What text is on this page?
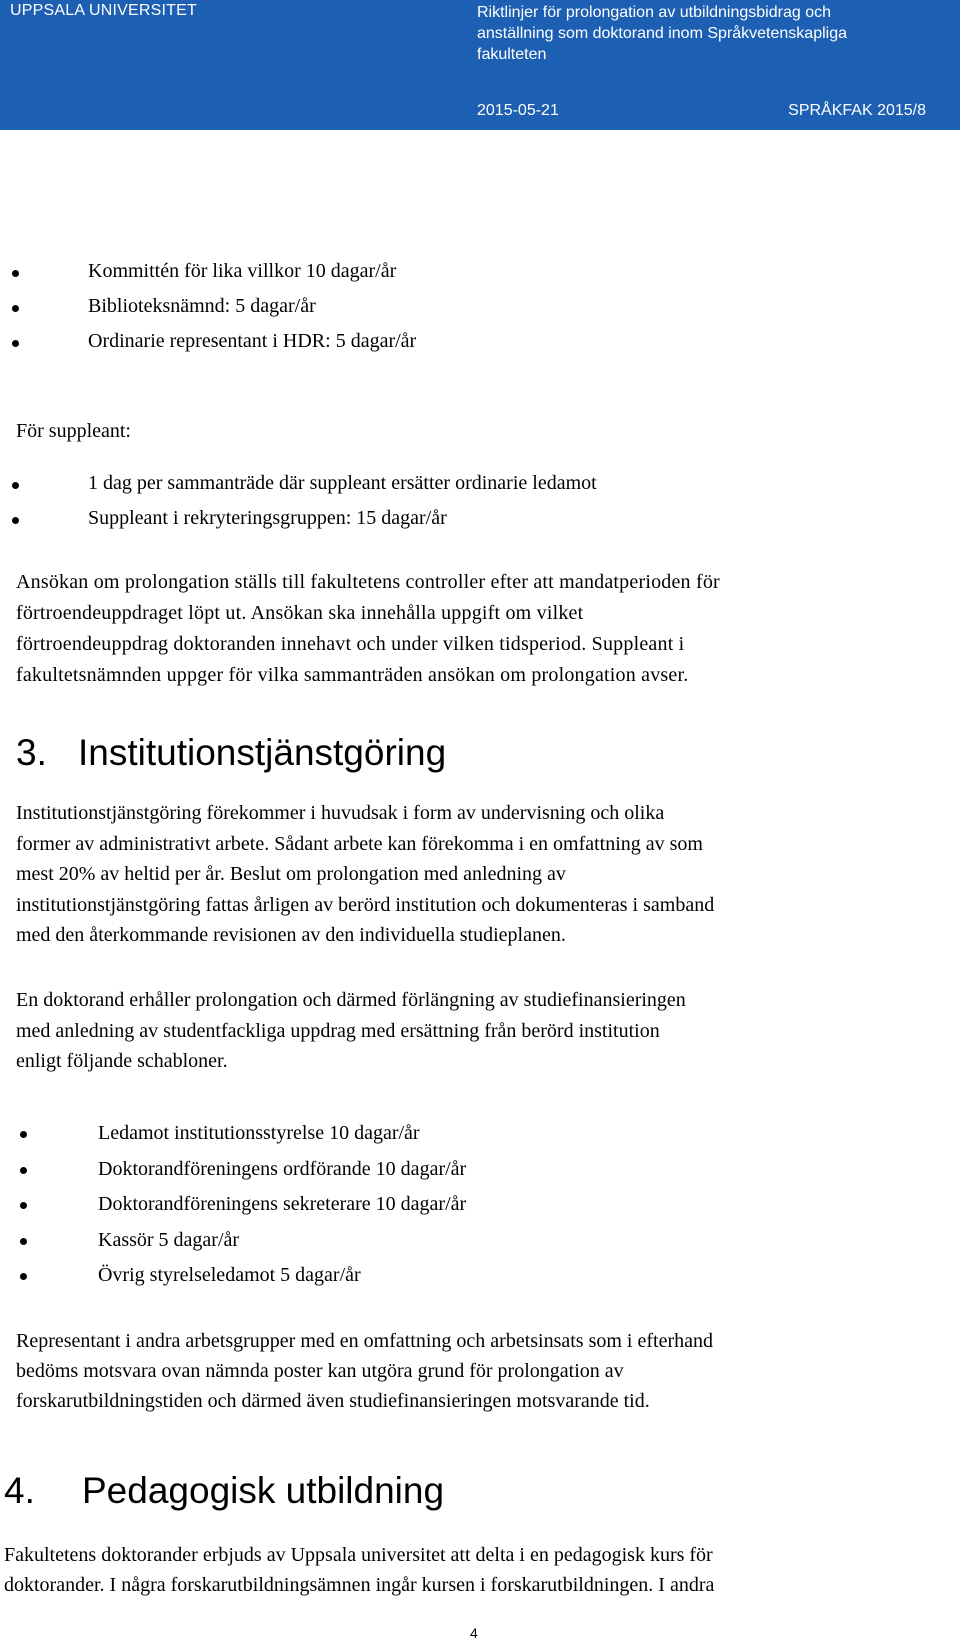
UPPSALA UNIVERSITET	Riktlinjer för prolongation av utbildningsbidrag och
anställning som doktorand inom Språkvetenskapliga
fakulteten
2015-05-21	SPRÅKFAK 2015/8
Kommittén för lika villkor 10 dagar/år
Biblioteksnämnd: 5 dagar/år
Ordinarie representant i HDR: 5 dagar/år
För suppleant:
1 dag per sammanträde där suppleant ersätter ordinarie ledamot
Suppleant i rekryteringsgruppen: 15 dagar/år
Ansökan om prolongation ställs till fakultetens controller efter att mandatperioden för
förtroendeuppdraget löpt ut. Ansökan ska innehålla uppgift om vilket
förtroendeuppdrag doktoranden innehavt och under vilken tidsperiod. Suppleant i
fakultetsnämnden uppger för vilka sammanträden ansökan om prolongation avser.
3. Institutionstjänstgöring
Institutionstjänstgöring förekommer i huvudsak i form av undervisning och olika
former av administrativt arbete. Sådant arbete kan förekomma i en omfattning av som
mest 20% av heltid per år. Beslut om prolongation med anledning av
institutionstjänstgöring fattas årligen av berörd institution och dokumenteras i samband
med den återkommande revisionen av den individuella studieplanen.
En doktorand erhåller prolongation och därmed förlängning av studiefinansieringen
med anledning av studentfackliga uppdrag med ersättning från berörd institution
enligt följande schabloner.
Ledamot institutionsstyrelse 10 dagar/år
Doktorandföreningens ordförande 10 dagar/år
Doktorandföreningens sekreterare 10 dagar/år
Kassör 5 dagar/år
Övrig styrelseledamot 5 dagar/år
Representant i andra arbetsgrupper med en omfattning och arbetsinsats som i efterhand
bedöms motsvara ovan nämnda poster kan utgöra grund för prolongation av
forskarutbildningstiden och därmed även studiefinansieringen motsvarande tid.
4. Pedagogisk utbildning
Fakultetens doktorander erbjuds av Uppsala universitet att delta i en pedagogisk kurs för
doktorander. I några forskarutbildningsämnen ingår kursen i forskarutbildningen. I andra
4
